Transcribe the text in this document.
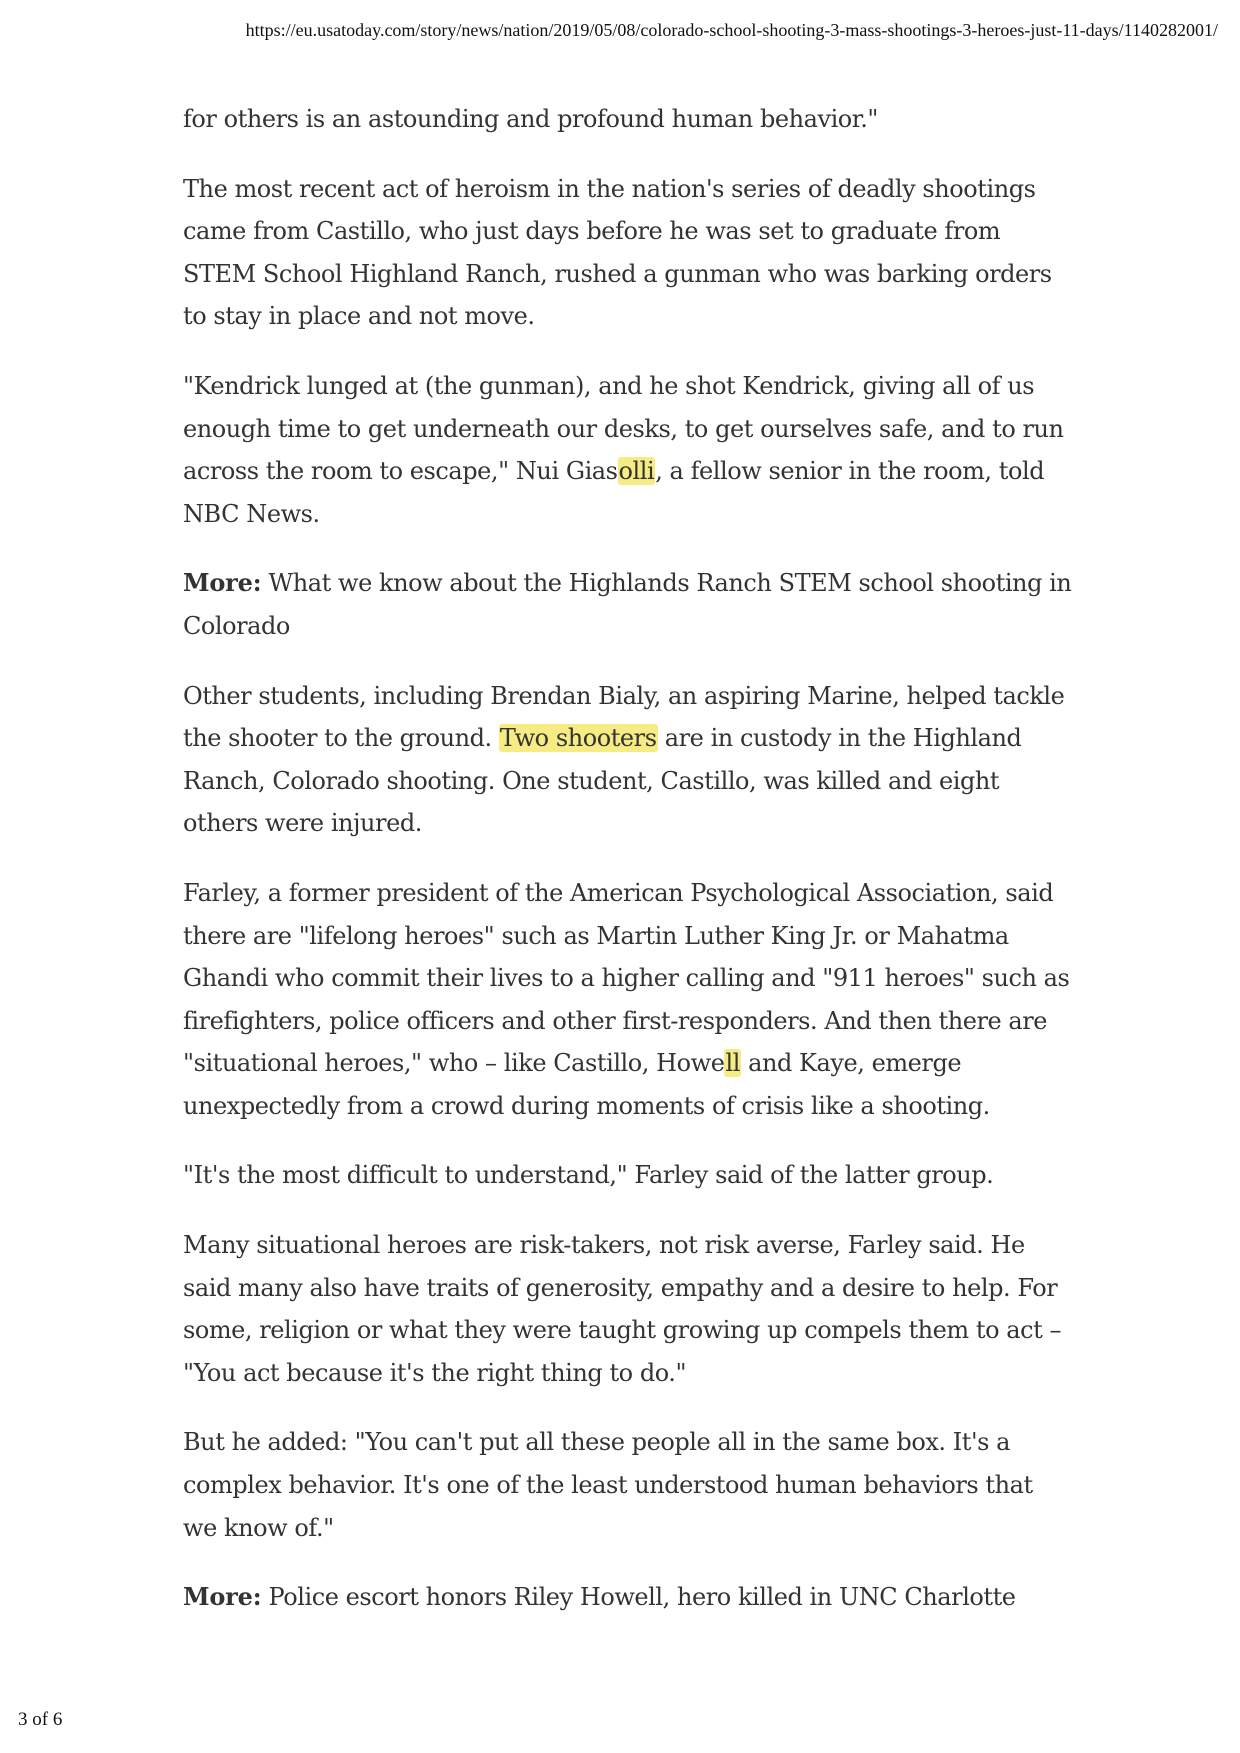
https://eu.usatoday.com/story/news/nation/2019/05/08/colorado-school-shooting-3-mass-shootings-3-heroes-just-11-days/1140282001/

for others is an astounding and profound human behavior."

The most recent act of heroism in the nation's series of deadly shootings came from Castillo, who just days before he was set to graduate from STEM School Highland Ranch, rushed a gunman who was barking orders to stay in place and not move.

"Kendrick lunged at (the gunman), and he shot Kendrick, giving all of us enough time to get underneath our desks, to get ourselves safe, and to run across the room to escape," Nui Giasolli, a fellow senior in the room, told NBC News.

More: What we know about the Highlands Ranch STEM school shooting in Colorado

Other students, including Brendan Bialy, an aspiring Marine, helped tackle the shooter to the ground. Two shooters are in custody in the Highland Ranch, Colorado shooting. One student, Castillo, was killed and eight others were injured.

Farley, a former president of the American Psychological Association, said there are "lifelong heroes" such as Martin Luther King Jr. or Mahatma Ghandi who commit their lives to a higher calling and "911 heroes" such as firefighters, police officers and other first-responders. And then there are "situational heroes," who – like Castillo, Howell and Kaye, emerge unexpectedly from a crowd during moments of crisis like a shooting.

"It's the most difficult to understand," Farley said of the latter group.

Many situational heroes are risk-takers, not risk averse, Farley said. He said many also have traits of generosity, empathy and a desire to help. For some, religion or what they were taught growing up compels them to act – "You act because it's the right thing to do."

But he added: "You can't put all these people all in the same box. It's a complex behavior. It's one of the least understood human behaviors that we know of."

More: Police escort honors Riley Howell, hero killed in UNC Charlotte

3 of 6
